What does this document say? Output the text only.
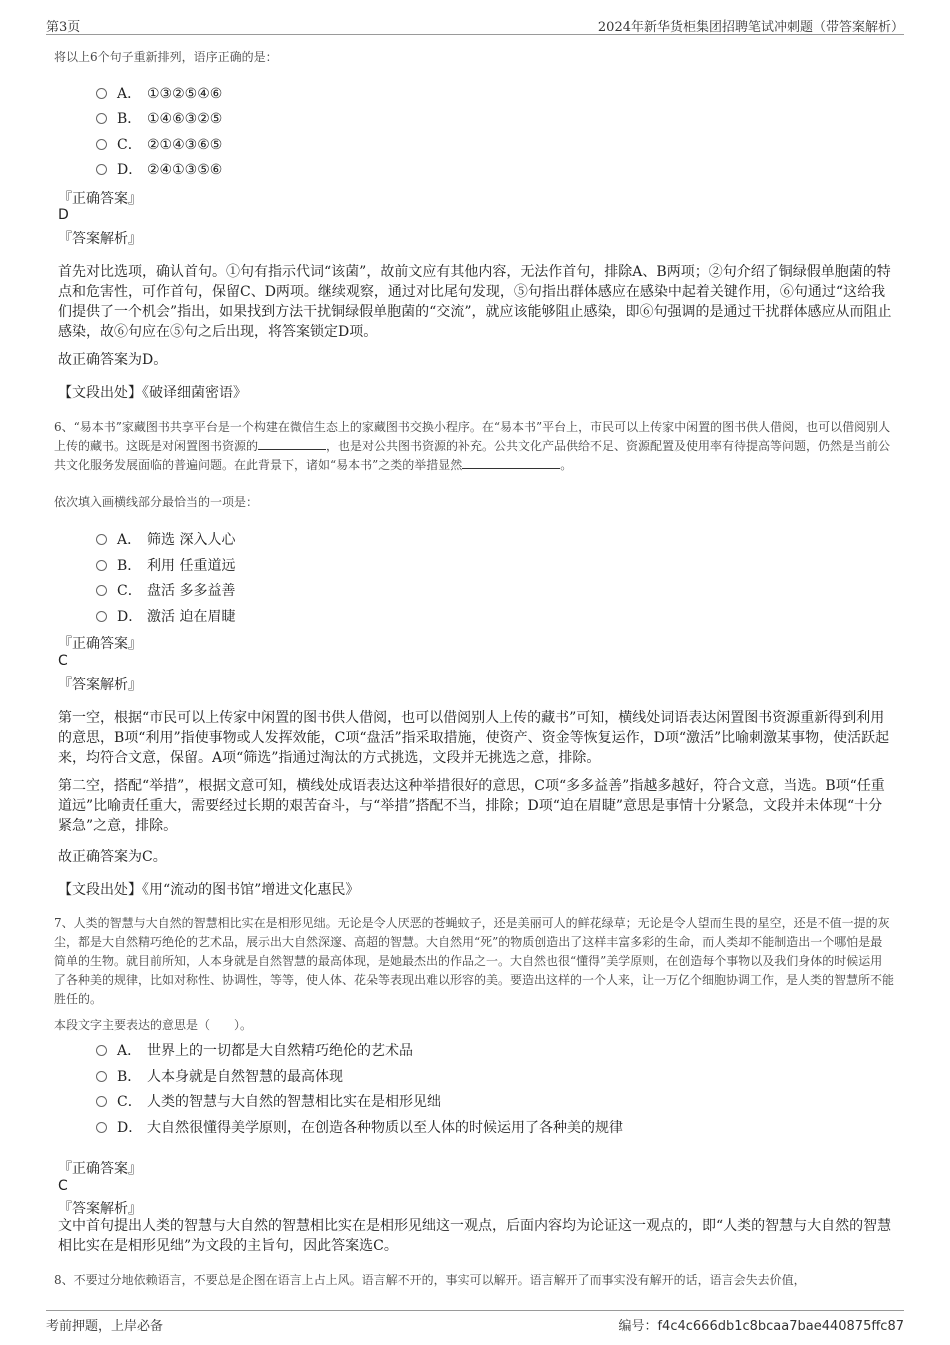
第3页	2024年新华货柜集团招聘笔试冲刺题（带答案解析）
将以上6个句子重新排列，语序正确的是：
A． ①③②⑤④⑥
B． ①④⑥③②⑤
C． ②①④③⑥⑤
D． ②④①③⑤⑥
『正确答案』
D
『答案解析』
首先对比选项，确认首句。①句有指示代词“该菌”，故前文应有其他内容，无法作首句，排除A、B两项；②句介绍了铜绿假单胞菌的特点和危害性，可作首句，保留C、D两项。继续观察，通过对比尾句发现，⑤句指出群体感应在感染中起着关键作用，⑥句通过“这给我们提供了一个机会”指出，如果找到方法干扰铜绿假单胞菌的“交流”，就应该能够阻止感染，即⑥句强调的是通过干扰群体感应从而阻止感染，故⑥句应在⑤句之后出现，将答案锁定D项。
故正确答案为D。
【文段出处】《破译细菌密语》
6、“易本书”家藏图书共享平台是一个构建在微信生态上的家藏图书交换小程序。在“易本书”平台上，市民可以上传家中闲置的图书供人借阅，也可以借阅别人上传的藏书。这既是对闲置图书资源的	，也是对公共图书资源的补充。公共文化产品供给不足、资源配置及使用率有待提高等问题，仍然是当前公共文化服务发展面临的普遍问题。在此背景下，诸如“易本书”之类的举措显然	。
依次填入画横线部分最恰当的一项是：
A． 筛选 深入人心
B． 利用 任重道远
C． 盘活 多多益善
D． 激活 迫在眉睫
『正确答案』
C
『答案解析』
第一空，根据“市民可以上传家中闲置的图书供人借阅，也可以借阅别人上传的藏书”可知，横线处词语表达闲置图书资源重新得到利用的意思，B项“利用”指使事物或人发挥效能，C项“盘活”指采取措施，使资产、资金等恢复运作，D项“激活”比喻刺激某事物，使活跃起来，均符合文意，保留。A项“筛选”指通过淘汰的方式挑选，文段并无挑选之意，排除。
第二空，搭配“举措”，根据文意可知，横线处成语表达这种举措很好的意思，C项“多多益善”指越多越好，符合文意，当选。B项“任重道远”比喻责任重大，需要经过长期的艰苦奋斗，与“举措”搭配不当，排除；D项“迫在眉睫”意思是事情十分紧急，文段并未体现“十分紧急”之意，排除。
故正确答案为C。
【文段出处】《用“流动的图书馆”增进文化惠民》
7、人类的智慧与大自然的智慧相比实在是相形见绌。无论是令人厌恶的苍蝇蚊子，还是美丽可人的鲜花绿草；无论是令人望而生畏的星空，还是不值一提的灰尘，都是大自然精巧绝伦的艺术品，展示出大自然深邃、高超的智慧。大自然用“死”的物质创造出了这样丰富多彩的生命，而人类却不能制造出一个哪怕是最简单的生物。就目前所知，人本身就是自然智慧的最高体现，是她最杰出的作品之一。大自然也很“懂得”美学原则，在创造每个事物以及我们身体的时候运用了各种美的规律，比如对称性、协调性，等等，使人体、花朵等表现出难以形容的美。要造出这样的一个人来，让一万亿个细胞协调工作，是人类的智慧所不能胜任的。
本段文字主要表达的意思是（　　）。
A． 世界上的一切都是大自然精巧绝伦的艺术品
B． 人本身就是自然智慧的最高体现
C． 人类的智慧与大自然的智慧相比实在是相形见绌
D． 大自然很懂得美学原则，在创造各种物质以至人体的时候运用了各种美的规律
『正确答案』
C
『答案解析』
文中首句提出人类的智慧与大自然的智慧相比实在是相形见绌这一观点，后面内容均为论证这一观点的，即“人类的智慧与大自然的智慧相比实在是相形见绌”为文段的主旨句，因此答案选C。
8、不要过分地依赖语言，不要总是企图在语言上占上风。语言解不开的，事实可以解开。语言解开了而事实没有解开的话，语言会失去价值，
考前押题，上岸必备	编号：f4c4c666db1c8bcaa7bae440875ffc87
